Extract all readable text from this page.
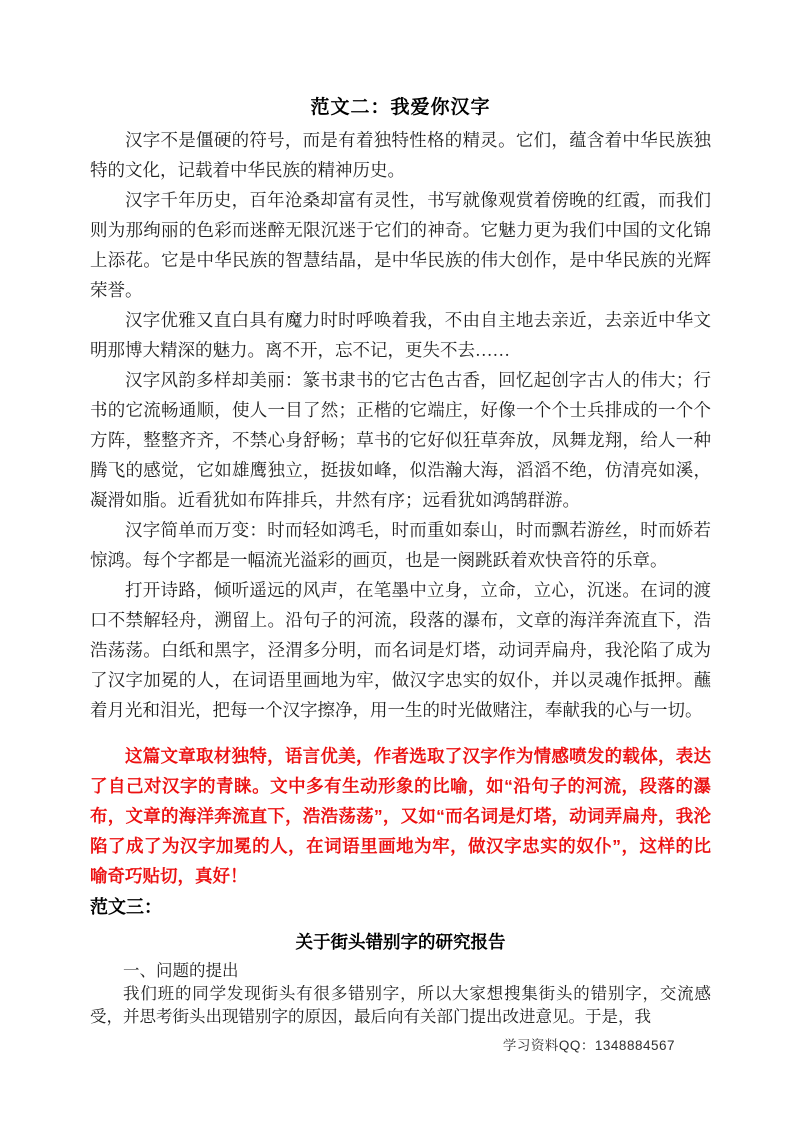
范文二：我爱你汉字

汉字不是僵硬的符号，而是有着独特性格的精灵。它们，蕴含着中华民族独特的文化，记载着中华民族的精神历史。

汉字千年历史，百年沧桑却富有灵性，书写就像观赏着傍晚的红霞，而我们则为那绚丽的色彩而迷醉无限沉迷于它们的神奇。它魅力更为我们中国的文化锦上添花。它是中华民族的智慧结晶，是中华民族的伟大创作，是中华民族的光辉荣誉。

汉字优雅又直白具有魔力时时呼唤着我，不由自主地去亲近，去亲近中华文明那博大精深的魅力。离不开，忘不记，更失不去……

汉字风韵多样却美丽：篆书隶书的它古色古香，回忆起创字古人的伟大；行书的它流畅通顺，使人一目了然；正楷的它端庄，好像一个个士兵排成的一个个方阵，整整齐齐，不禁心身舒畅；草书的它好似狂草奔放，凤舞龙翔，给人一种腾飞的感觉，它如雄鹰独立，挺拔如峰，似浩瀚大海，滔滔不绝，仿清亮如溪，凝滑如脂。近看犹如布阵排兵，井然有序；远看犹如鸿鹄群游。

汉字简单而万变：时而轻如鸿毛，时而重如泰山，时而飘若游丝，时而娇若惊鸿。每个字都是一幅流光溢彩的画页，也是一阕跳跃着欢快音符的乐章。

打开诗路，倾听遥远的风声，在笔墨中立身，立命，立心，沉迷。在词的渡口不禁解轻舟，溯留上。沿句子的河流，段落的瀑布，文章的海洋奔流直下，浩浩荡荡。白纸和黑字，泾渭多分明，而名词是灯塔，动词弄扁舟，我沦陷了成为了汉字加冕的人，在词语里画地为牢，做汉字忠实的奴仆，并以灵魂作抵押。蘸着月光和泪光，把每一个汉字擦净，用一生的时光做赌注，奉献我的心与一切。

这篇文章取材独特，语言优美，作者选取了汉字作为情感喷发的载体，表达了自己对汉字的青睐。文中多有生动形象的比喻，如“沿句子的河流，段落的瀑布，文章的海洋奔流直下，浩浩荡荡”，又如“而名词是灯塔，动词弄扁舟，我沦陷了成了为汉字加冕的人，在词语里画地为牢，做汉字忠实的奴仆”，这样的比喻奇巧贴切，真好！
范文三：
关于街头错别字的研究报告
一、问题的提出

我们班的同学发现街头有很多错别字，所以大家想搜集街头的错别字，交流感受，并思考街头出现错别字的原因，最后向有关部门提出改进意见。于是，我

学习资料QQ：1348884567
